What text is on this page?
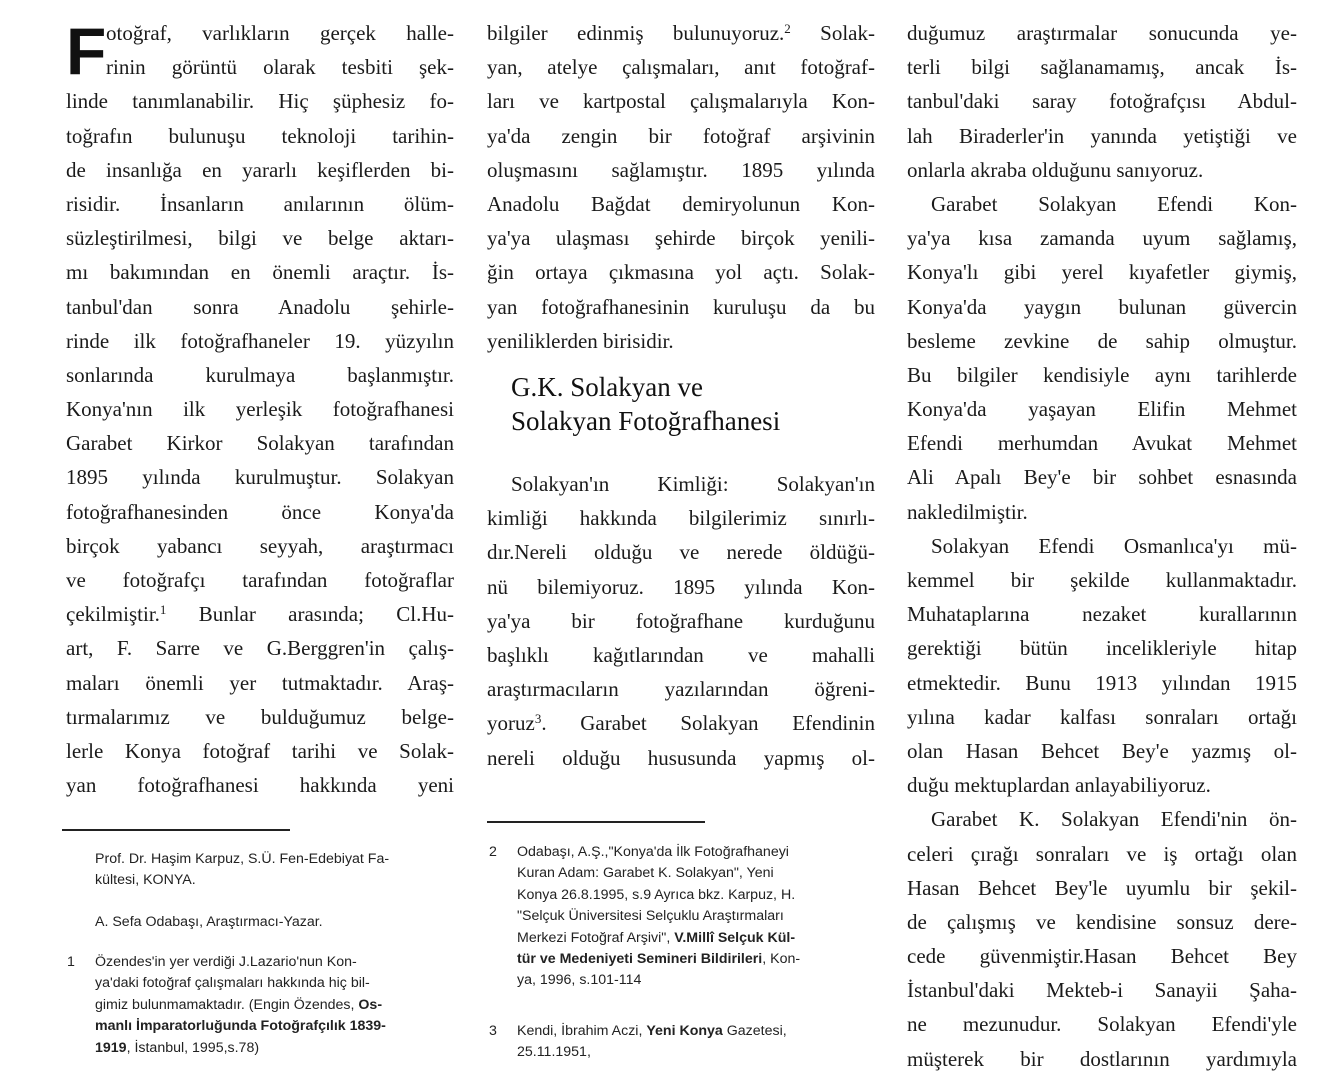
F otoğraf, varlıkların gerçek halle-
rinin görüntü olarak tesbiti şek-
linde tanımlanabilir. Hiç şüphesiz fo-
toğrafın bulunuşu teknoloji tarihin-
de insanlığa en yararlı keşiflerden bi-
risidir. İnsanların anılarının ölüm-
süzleştirilmesi, bilgi ve belge aktarı-
mı bakımından en önemli araçtır. İs-
tanbul'dan sonra Anadolu şehirle-
rinde ilk fotoğrafhaneler 19. yüzyılın
sonlarında kurulmaya başlanmıştır.
Konya'nın ilk yerleşik fotoğrafhanesi
Garabet Kirkor Solakyan tarafından
1895 yılında kurulmuştur. Solakyan
fotoğrafhanesinden önce Konya'da
birçok yabancı seyyah, araştırmacı
ve fotoğrafçı tarafından fotoğraflar
çekilmiştir.$^1$ Bunlar arasında; Cl.Hu-
art, F. Sarre ve G.Berggren'in çalış-
maları önemli yer tutmaktadır. Araş-
tırmalarımız ve bulduğumuz belge-
lerle Konya fotoğraf tarihi ve Solak-
yan fotoğrafhanesi hakkında yeni
bilgiler edinmiş bulunuyoruz.$^2$ Solak-
yan, atelye çalışmaları, anıt fotoğraf-
ları ve kartpostal çalışmalarıyla Kon-
ya'da zengin bir fotoğraf arşivinin
oluşmasını sağlamıştır. 1895 yılında
Anadolu Bağdat demiryolunun Kon-
ya'ya ulaşması şehirde birçok yenili-
ğin ortaya çıkmasına yol açtı. Solak-
yan fotoğrafhanesinin kuruluşu da bu
yeniliklerden birisidir.
G.K. Solakyan ve
Solakyan Fotoğrafhanesi
Solakyan'ın Kimliği: Solakyan'ın
kimliği hakkında bilgilerimiz sınırlı-
dır.Nereli olduğu ve nerede öldüğü-
nü bilemiyoruz. 1895 yılında Kon-
ya'ya bir fotoğrafhane kurduğunu
başlıklı kağıtlarından ve mahalli
araştırmacıların yazılarından öğreni-
yoruz$^3$. Garabet Solakyan Efendinin
nereli olduğu hususunda yapmış ol-
duğumuz araştırmalar sonucunda ye-
terli bilgi sağlanamamış, ancak İs-
tanbul'daki saray fotoğrafçısı Abdul-
lah Biraderler'in yanında yetiştiği ve
onlarla akraba olduğunu sanıyoruz.
Garabet Solakyan Efendi Kon-
ya'ya kısa zamanda uyum sağlamış,
Konya'lı gibi yerel kıyafetler giymiş,
Konya'da yaygın bulunan güvercin
besleme zevkine de sahip olmuştur.
Bu bilgiler kendisiyle aynı tarihlerde
Konya'da yaşayan Elifin Mehmet
Efendi merhumdan Avukat Mehmet
Ali Apalı Bey'e bir sohbet esnasında
nakledilmiştir.
Solakyan Efendi Osmanlıca'yı mü-
kemmel bir şekilde kullanmaktadır.
Muhataplarına nezaket kurallarının
gerektiği bütün incelikleriyle hitap
etmektedir. Bunu 1913 yılından 1915
yılına kadar kalfası sonraları ortağı
olan Hasan Behcet Bey'e yazmış ol-
duğu mektuplardan anlayabiliyoruz.
Garabet K. Solakyan Efendi'nin ön-
celeri çırağı sonraları ve iş ortağı olan
Hasan Behcet Bey'le uyumlu bir şekil-
de çalışmış ve kendisine sonsuz dere-
cede güvenmiştir.Hasan Behcet Bey
İstanbul'daki Mekteb-i Sanayii Şaha-
ne mezunudur. Solakyan Efendi'yle
müşterek bir dostlarının yardımıyla
Prof. Dr. Haşim Karpuz, S.Ü. Fen-Edebiyat Fa-
kültesi, KONYA.
A. Sefa Odabaşı, Araştırmacı-Yazar.
1 Özendes'in yer verdiği J.Lazario'nun Kon-
ya'daki fotoğraf çalışmaları hakkında hiç bil-
gimiz bulunmamaktadır. (Engin Özendes, Os-
manlı İmparatorluğunda Fotoğrafçılık 1839-
1919, İstanbul, 1995,s.78)
2 Odabaşı, A.Ş.,"Konya'da İlk Fotoğrafhaneyi
Kuran Adam: Garabet K. Solakyan", Yeni
Konya 26.8.1995, s.9 Ayrıca bkz. Karpuz, H.
"Selçuk Üniversitesi Selçuklu Araştırmaları
Merkezi Fotoğraf Arşivi", V.Millî Selçuk Kül-
tür ve Medeniyeti Semineri Bildirileri, Kon-
ya, 1996, s.101-114
3 Kendi, İbrahim Aczi, Yeni Konya Gazetesi,
25.11.1951,
